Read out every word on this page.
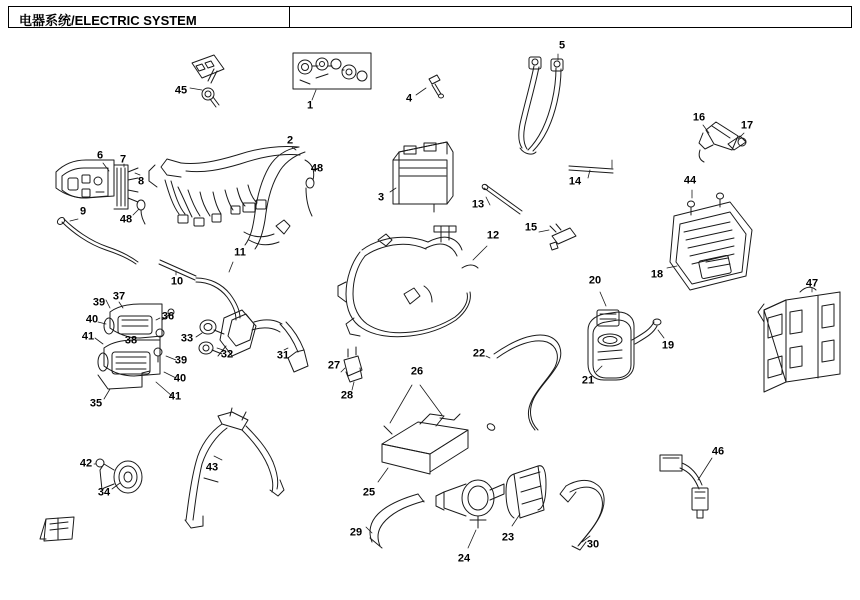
电器系统/ELECTRIC SYSTEM
45
1
4
5
16
17
2
6 7
48
8
3
14	44
48
9
13
15
11
12
10
18
47
39 37
40	36
20
41	33
38	19
32
39	31	22
40
27
21
41
26
28
35
42	43
46
25
34
29
24
23
30
